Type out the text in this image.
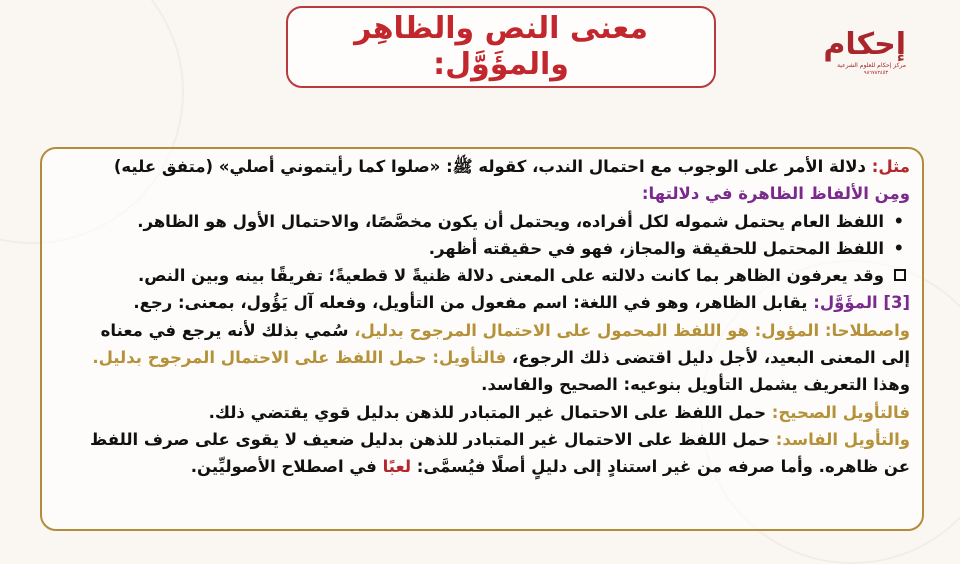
معنى النص والظاهِر
والمؤَوَّل:
إحكام
مركز إحكام للعلوم الشرعية
٩٨٦٧٨٢٤٥٣
مثل: دلالة الأمر على الوجوب مع احتمال الندب، كقوله ﷺ: «صلوا كما رأيتموني أصلي» (متفق عليه)
ومِن الألفاظ الظاهرة في دلالتها:
• اللفظ العام يحتمل شموله لكل أفراده، ويحتمل أن يكون مخصَّصًا، والاحتمال الأول هو الظاهر.
• اللفظ المحتمل للحقيقة والمجاز، فهو في حقيقته أظهر.
وقد يعرفون الظاهر بما كانت دلالته على المعنى دلالة ظنيةً لا قطعيةً؛ تفريقًا بينه وبين النص.
[3] المؤَوَّل: يقابل الظاهر، وهو في اللغة: اسم مفعول من التأويل، وفعله آل يَؤُول، بمعنى: رجع.
واصطلاحا: المؤول: هو اللفظ المحمول على الاحتمال المرجوح بدليل، سُمي بذلك لأنه يرجع في معناه
إلى المعنى البعيد، لأجل دليل اقتضى ذلك الرجوع، فالتأويل: حمل اللفظ على الاحتمال المرجوح بدليل.
وهذا التعريف يشمل التأويل بنوعيه: الصحيح والفاسد.
فالتأويل الصحيح: حمل اللفظ على الاحتمال غير المتبادر للذهن بدليل قوي يقتضي ذلك.
والتأويل الفاسد: حمل اللفظ على الاحتمال غير المتبادر للذهن بدليل ضعيف لا يقوى على صرف اللفظ
عن ظاهره. وأما صرفه من غير استنادٍ إلى دليلٍ أصلًا فيُسمَّى: لعبًا في اصطلاح الأصوليِّين.
